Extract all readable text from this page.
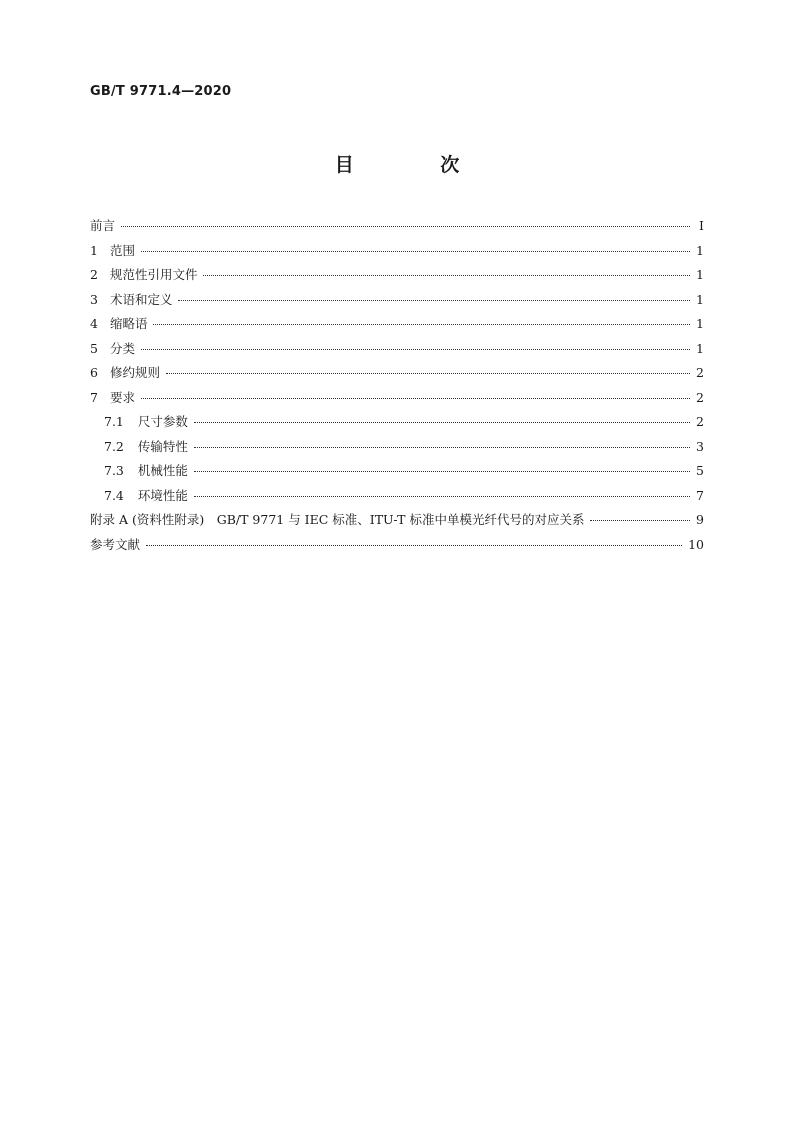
GB/T 9771.4—2020
目 次
前言	Ⅰ
1 范围	1
2 规范性引用文件	1
3 术语和定义	1
4 缩略语	1
5 分类	1
6 修约规则	2
7 要求	2
7.1 尺寸参数	2
7.2 传输特性	3
7.3 机械性能	5
7.4 环境性能	7
附录 A (资料性附录)　GB/T 9771 与 IEC 标准、ITU-T 标准中单模光纤代号的对应关系	9
参考文献	10
